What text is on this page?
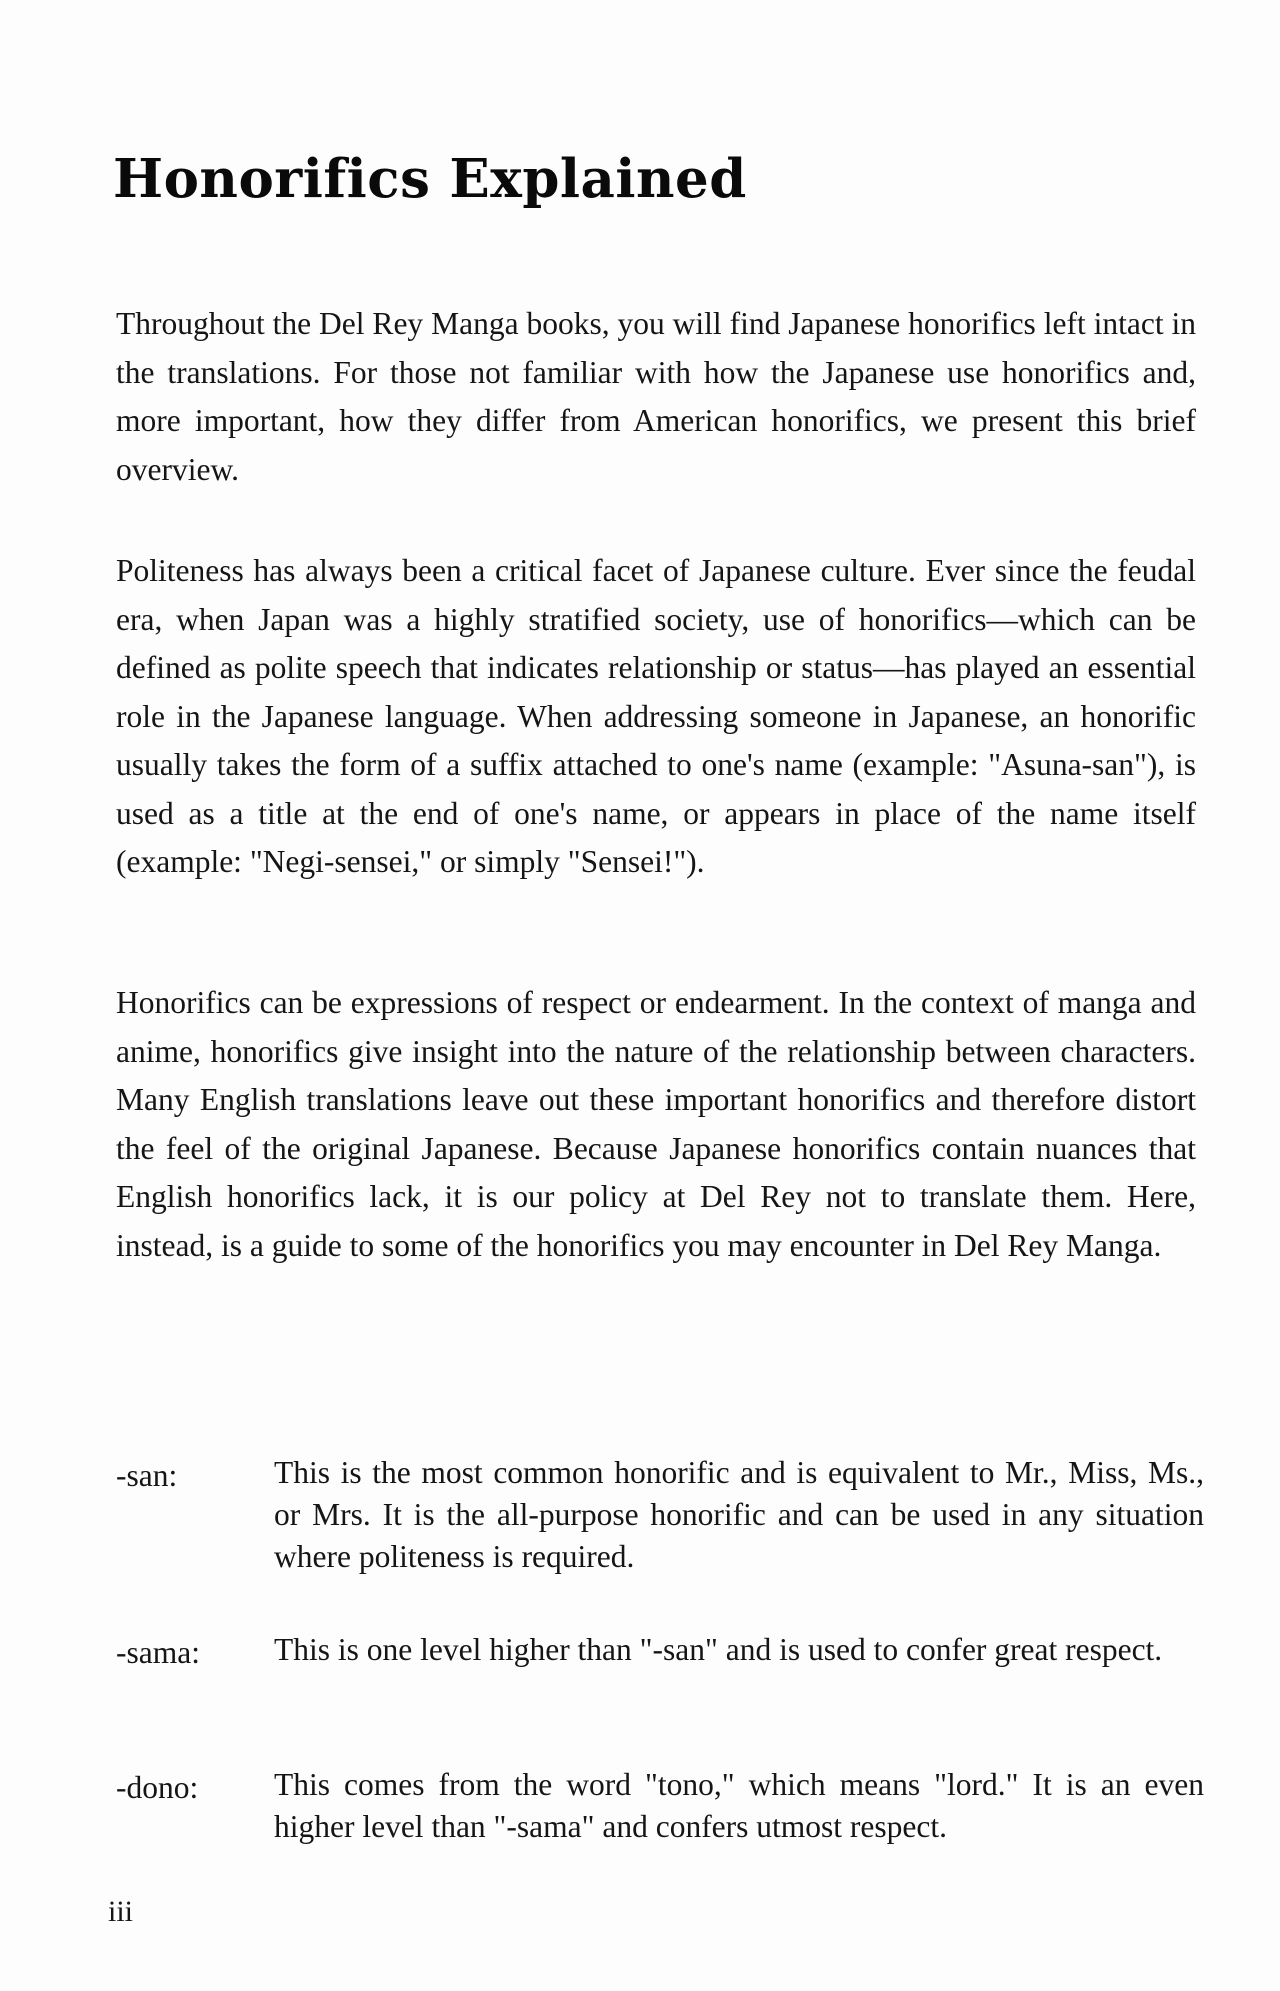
Honorifics Explained

Throughout the Del Rey Manga books, you will find Japanese honorifics left intact in the translations. For those not familiar with how the Japanese use honorifics and, more important, how they differ from American honorifics, we present this brief overview.

Politeness has always been a critical facet of Japanese culture. Ever since the feudal era, when Japan was a highly stratified society, use of honorifics—which can be defined as polite speech that indicates relationship or status—has played an essential role in the Japanese language. When addressing someone in Japanese, an honorific usually takes the form of a suffix attached to one's name (example: "Asuna-san"), is used as a title at the end of one's name, or appears in place of the name itself (example: "Negi-sensei," or simply "Sensei!").

Honorifics can be expressions of respect or endearment. In the context of manga and anime, honorifics give insight into the nature of the relationship between characters. Many English translations leave out these important honorifics and therefore distort the feel of the original Japanese. Because Japanese honorifics contain nuances that English honorifics lack, it is our policy at Del Rey not to translate them. Here, instead, is a guide to some of the honorifics you may encounter in Del Rey Manga.

-san:	This is the most common honorific and is equivalent to Mr., Miss, Ms., or Mrs. It is the all-purpose honorific and can be used in any situation where politeness is required.

-sama:	This is one level higher than "-san" and is used to confer great respect.

-dono:	This comes from the word "tono," which means "lord." It is an even higher level than "-sama" and confers utmost respect.

iii
